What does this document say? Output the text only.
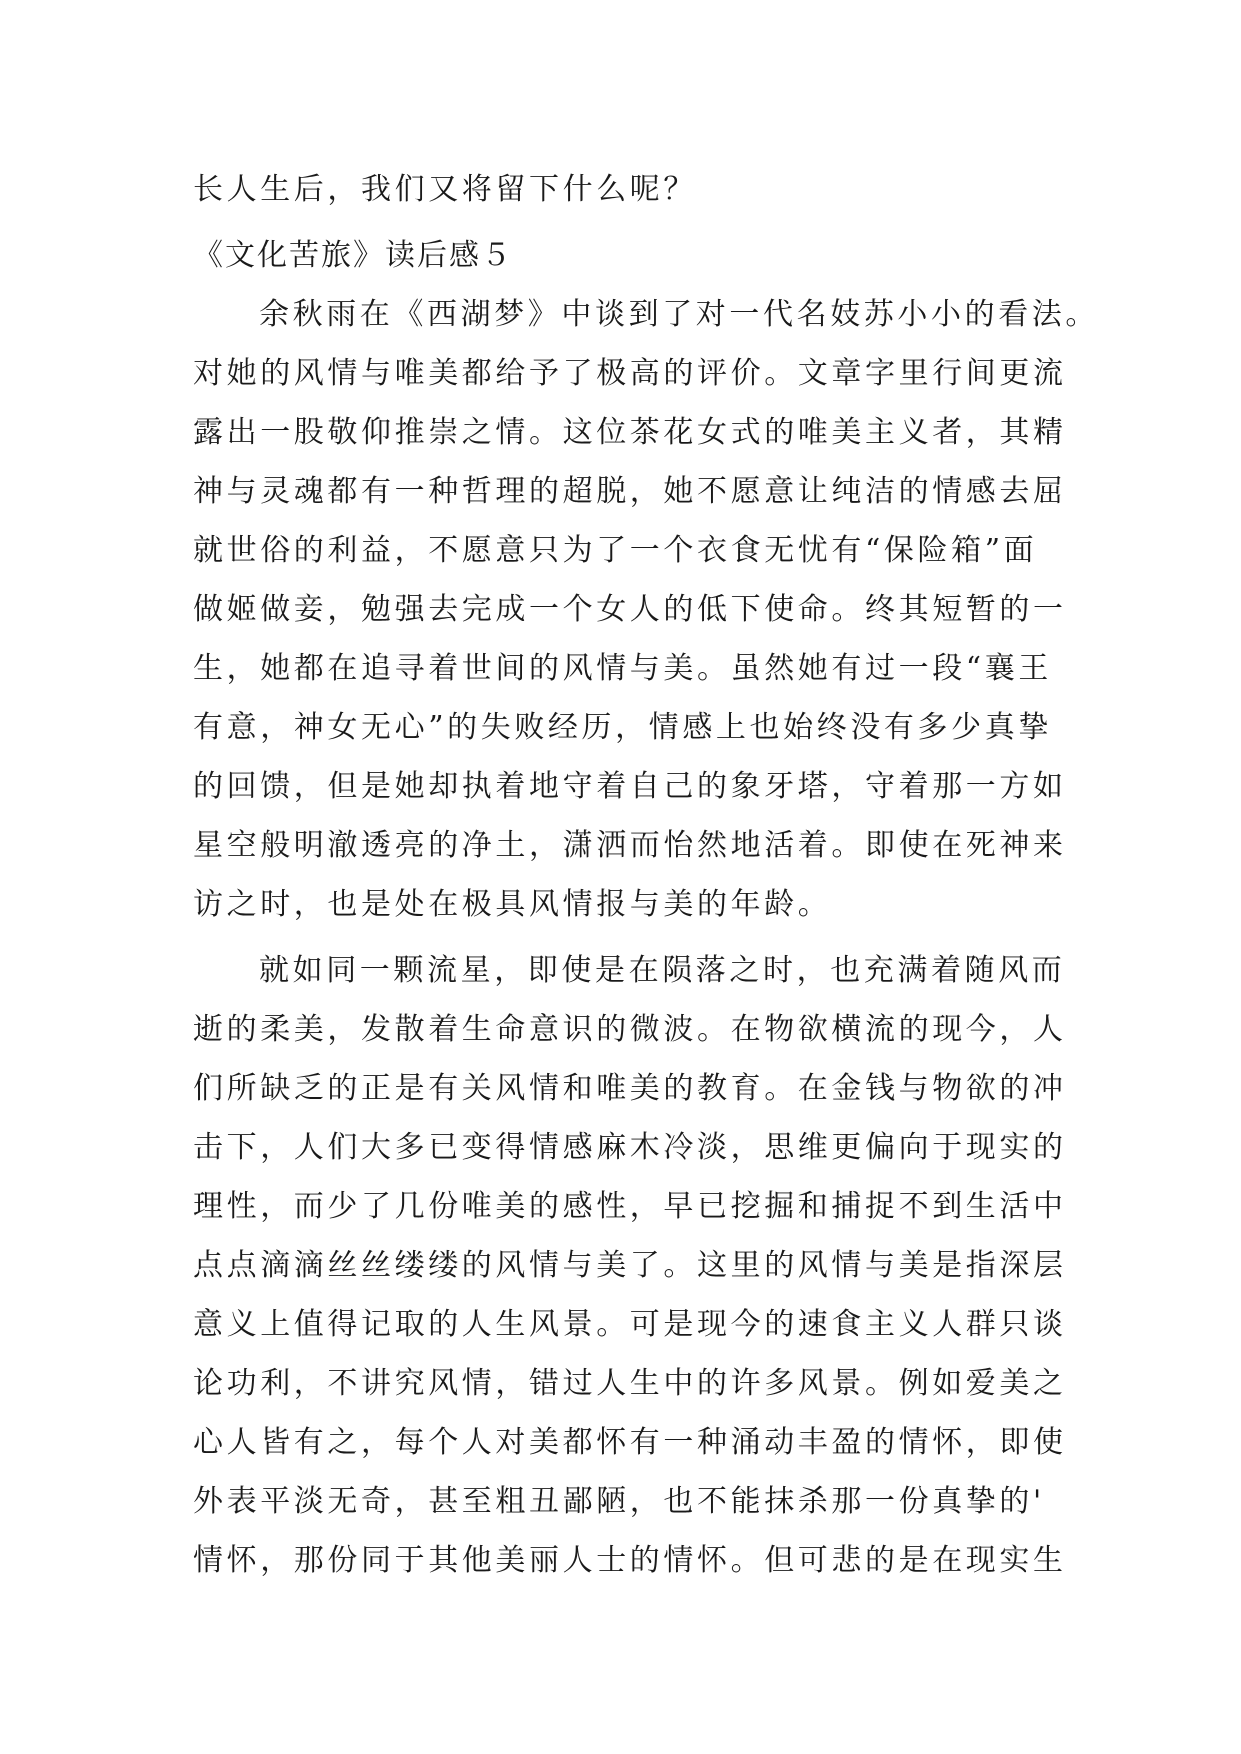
长人生后，我们又将留下什么呢？
《文化苦旅》读后感５
余秋雨在《西湖梦》中谈到了对一代名妓苏小小的看法。
对她的风情与唯美都给予了极高的评价。文章字里行间更流
露出一股敬仰推崇之情。这位茶花女式的唯美主义者，其精
神与灵魂都有一种哲理的超脱，她不愿意让纯洁的情感去屈
就世俗的利益，不愿意只为了一个衣食无忧有“保险箱”面
做姬做妾，勉强去完成一个女人的低下使命。终其短暂的一
生，她都在追寻着世间的风情与美。虽然她有过一段“襄王
有意，神女无心”的失败经历，情感上也始终没有多少真挚
的回馈，但是她却执着地守着自己的象牙塔，守着那一方如
星空般明澈透亮的净土，潇洒而怡然地活着。即使在死神来
访之时，也是处在极具风情报与美的年龄。
就如同一颗流星，即使是在陨落之时，也充满着随风而
逝的柔美，发散着生命意识的微波。在物欲横流的现今，人
们所缺乏的正是有关风情和唯美的教育。在金钱与物欲的冲
击下，人们大多已变得情感麻木冷淡，思维更偏向于现实的
理性，而少了几份唯美的感性，早已挖掘和捕捉不到生活中
点点滴滴丝丝缕缕的风情与美了。这里的风情与美是指深层
意义上值得记取的人生风景。可是现今的速食主义人群只谈
论功利，不讲究风情，错过人生中的许多风景。例如爱美之
心人皆有之，每个人对美都怀有一种涌动丰盈的情怀，即使
外表平淡无奇，甚至粗丑鄙陋，也不能抹杀那一份真挚的'
情怀，那份同于其他美丽人士的情怀。但可悲的是在现实生
